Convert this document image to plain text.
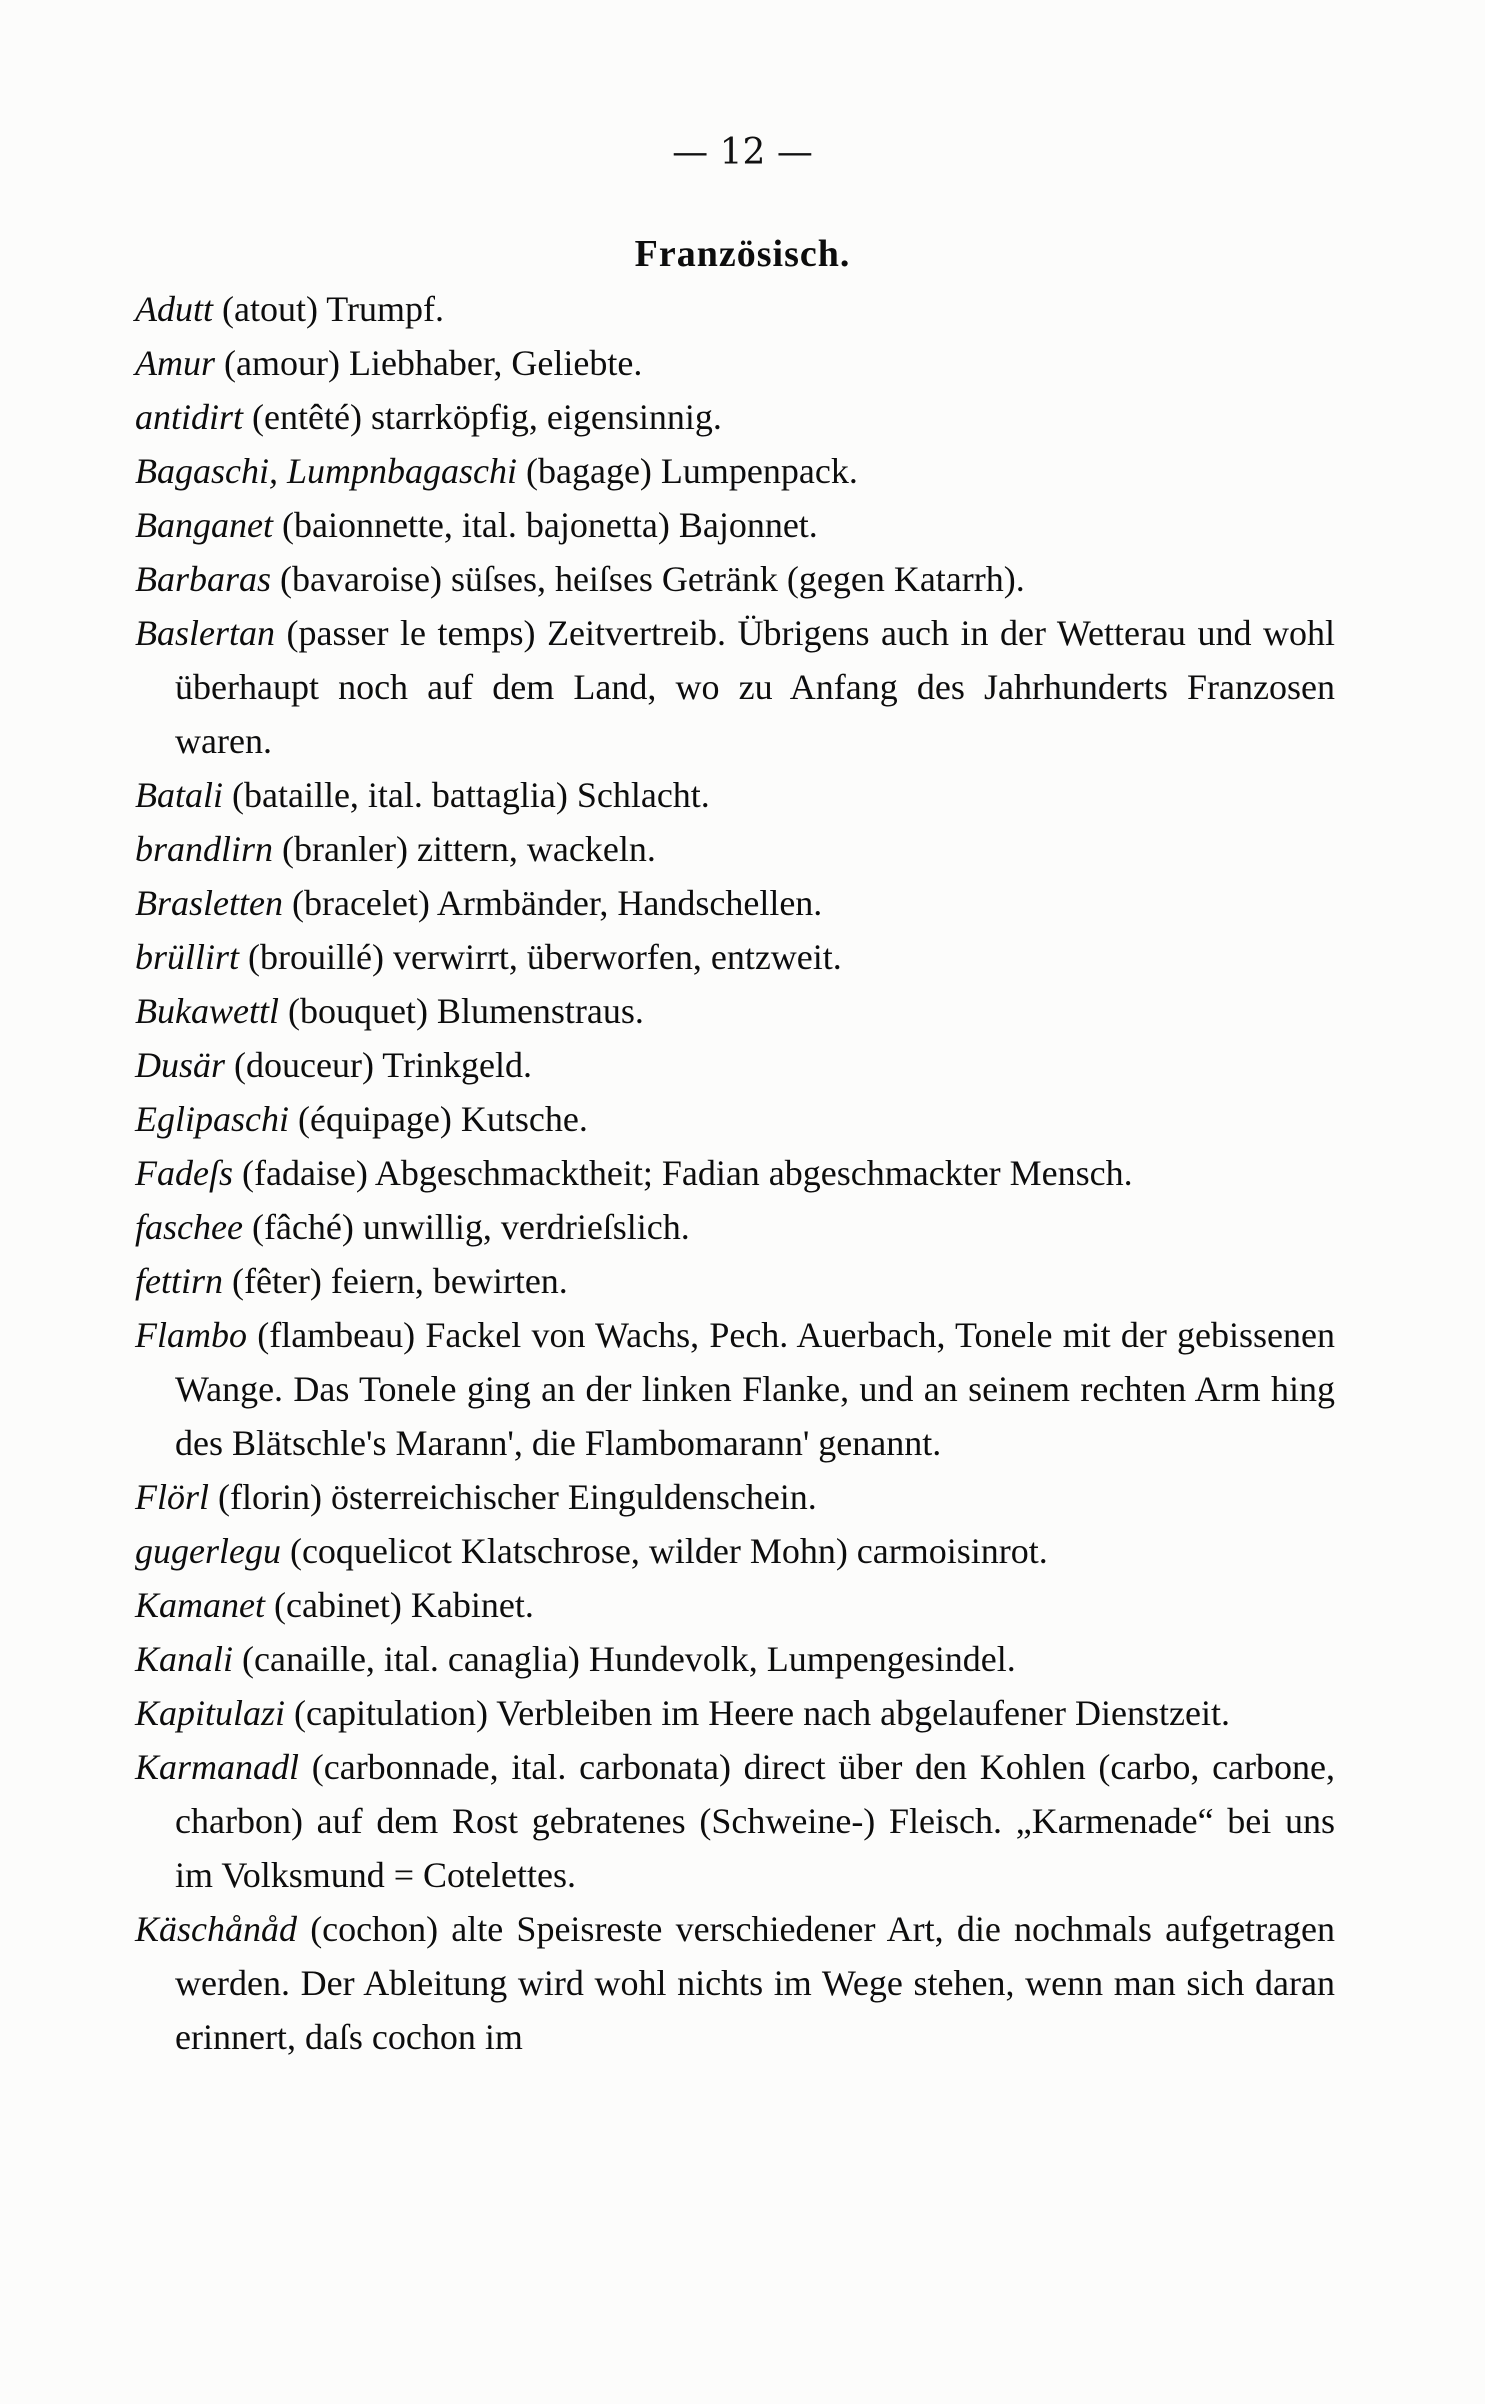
— 12 —
Französisch.

Adutt (atout) Trumpf.

Amur (amour) Liebhaber, Geliebte.

antidirt (entêté) starrköpfig, eigensinnig.

Bagaschi, Lumpnbagaschi (bagage) Lumpenpack.

Banganet (baionnette, ital. bajonetta) Bajonnet.

Barbaras (bavaroise) süſses, heiſses Getränk (gegen Katarrh).

Baslertan (passer le temps) Zeitvertreib. Übrigens auch in der Wetterau und wohl überhaupt noch auf dem Land, wo zu Anfang des Jahrhunderts Franzosen waren.

Batali (bataille, ital. battaglia) Schlacht.

brandlirn (branler) zittern, wackeln.

Brasletten (bracelet) Armbänder, Handschellen.

brüllirt (brouillé) verwirrt, überworfen, entzweit.

Bukawettl (bouquet) Blumenstraus.

Dusär (douceur) Trinkgeld.

Eglipaschi (équipage) Kutsche.

Fadeſs (fadaise) Abgeschmacktheit; Fadian abgeschmackter Mensch.

faschee (fâché) unwillig, verdrieſslich.

fettirn (fêter) feiern, bewirten.

Flambo (flambeau) Fackel von Wachs, Pech. Auerbach, Tonele mit der gebissenen Wange. Das Tonele ging an der linken Flanke, und an seinem rechten Arm hing des Blätschle's Marann', die Flambomarann' genannt.

Flörl (florin) österreichischer Einguldenschein.

gugerlegu (coquelicot Klatschrose, wilder Mohn) carmoisinrot.

Kamanet (cabinet) Kabinet.

Kanali (canaille, ital. canaglia) Hundevolk, Lumpengesindel.

Kapitulazi (capitulation) Verbleiben im Heere nach abgelaufener Dienstzeit.

Karmanadl (carbonnade, ital. carbonata) direct über den Kohlen (carbo, carbone, charbon) auf dem Rost gebratenes (Schweine-) Fleisch. „Karmenade“ bei uns im Volksmund = Cotelettes.

Käschånåd (cochon) alte Speisreste verschiedener Art, die nochmals aufgetragen werden. Der Ableitung wird wohl nichts im Wege stehen, wenn man sich daran erinnert, daſs cochon im
